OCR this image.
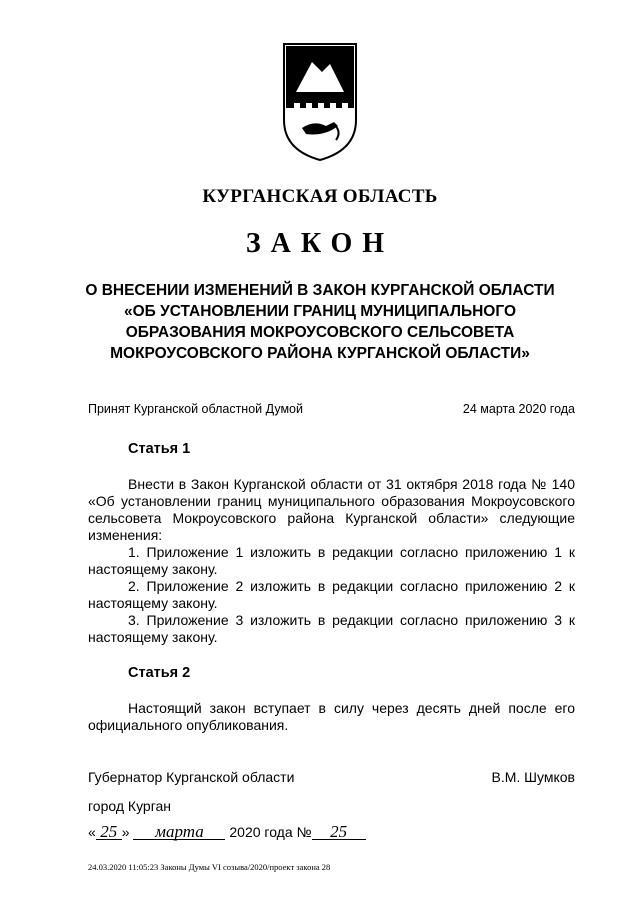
КУРГАНСКАЯ ОБЛАСТЬ
ЗАКОН
О ВНЕСЕНИИ ИЗМЕНЕНИЙ В ЗАКОН КУРГАНСКОЙ ОБЛАСТИ «ОБ УСТАНОВЛЕНИИ ГРАНИЦ МУНИЦИПАЛЬНОГО ОБРАЗОВАНИЯ МОКРОУСОВСКОГО СЕЛЬСОВЕТА МОКРОУСОВСКОГО РАЙОНА КУРГАНСКОЙ ОБЛАСТИ»
Принят Курганской областной Думой	24 марта 2020 года
Статья 1

Внести в Закон Курганской области от 31 октября 2018 года № 140 «Об установлении границ муниципального образования Мокроусовского сельсовета Мокроусовского района Курганской области» следующие изменения:

1. Приложение 1 изложить в редакции согласно приложению 1 к настоящему закону.

2. Приложение 2 изложить в редакции согласно приложению 2 к настоящему закону.

3. Приложение 3 изложить в редакции согласно приложению 3 к настоящему закону.

Статья 2

Настоящий закон вступает в силу через десять дней после его официального опубликования.

Губернатор Курганской области	В.М. Шумков
город Курган
« 25 » марта 2020 года № 25
24.03.2020 11:05:23 Законы Думы VI созыва/2020/проект закона 28
